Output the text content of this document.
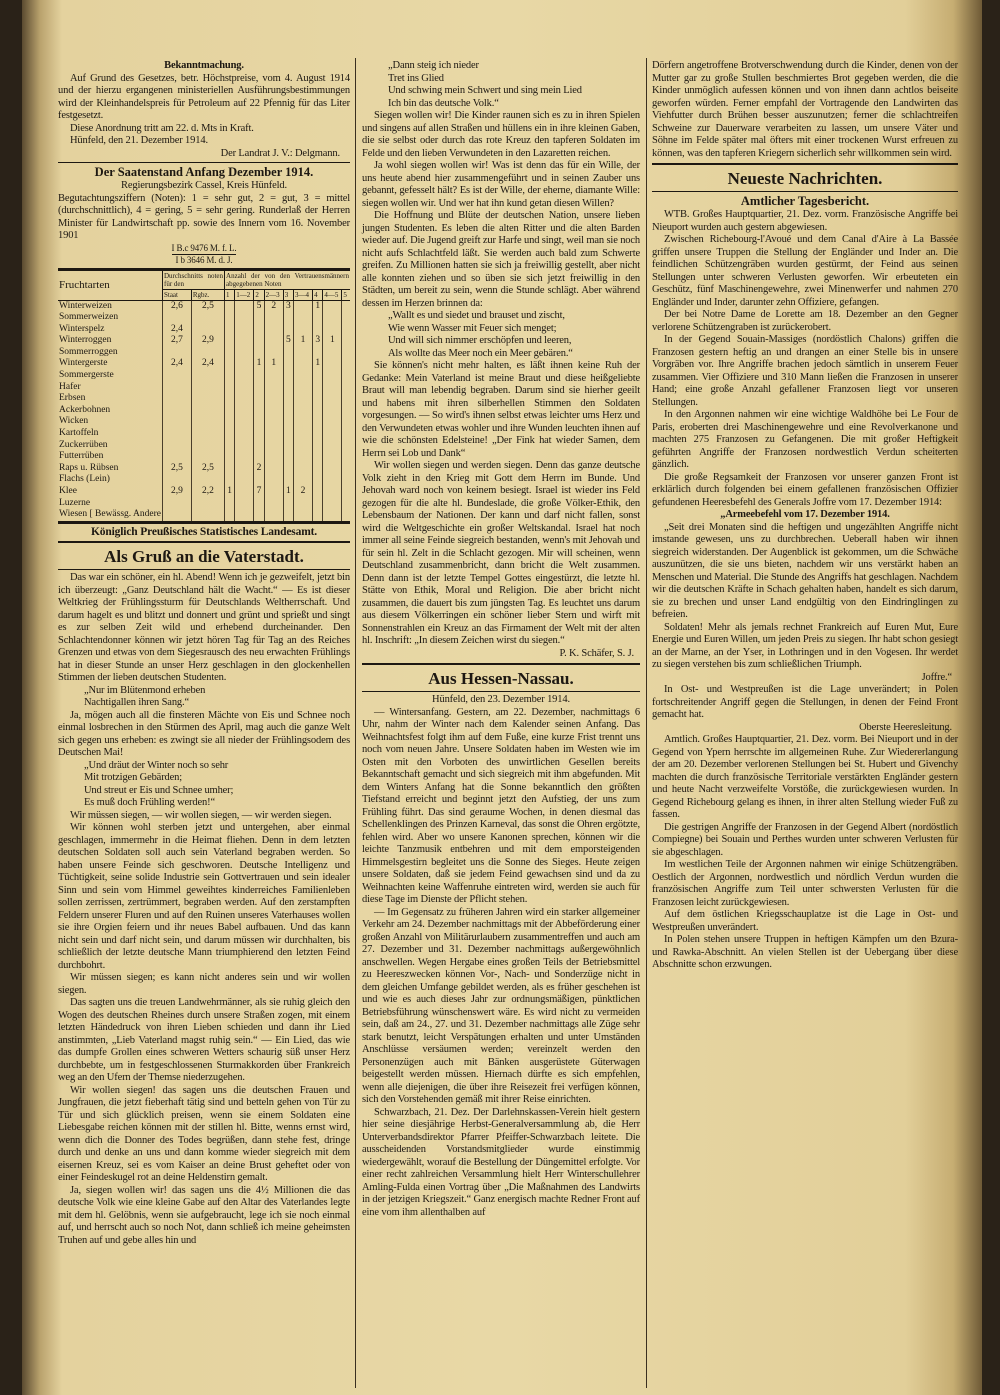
Bekanntmachung.

Auf Grund des Gesetzes, betr. Höchstpreise, vom 4. August 1914 und der hierzu ergangenen ministeriellen Ausführungsbestimmungen wird der Kleinhandelspreis für Petroleum auf 22 Pfennig für das Liter festgesetzt.

Diese Anordnung tritt am 22. d. Mts in Kraft.

Hünfeld, den 21. Dezember 1914.

Der Landrat J. V.: Delgmann.
Der Saatenstand Anfang Dezember 1914.
Regierungsbezirk Cassel, Kreis Hünfeld.
Begutachtungsziffern (Noten): 1 = sehr gut, 2 = gut, 3 = mittel (durchschnittlich), 4 = gering, 5 = sehr gering. Runderlaß der Herren Minister für Landwirtschaft pp. sowie des Innern vom 16. November 1901
I B.c 9476 M. f. L.
I b 3646 M. d. J.
Fruchtarten	Durchschnitts noten für den		Anzahl der von den Vertrauensmännern abgegebenen Noten								
	Staat	Rgbz.	1	1—2	2	2—3	3	3—4	4	4—5	5
Winterweizen	2,6	2,5			5	2	3		1		
Sommerweizen											
Winterspelz	2,4										
Winterroggen	2,7	2,9					5	1	3	1	
Sommerroggen											
Wintergerste	2,4	2,4			1	1			1		
Sommergerste											
Hafer											
Erbsen											
Ackerbohnen											
Wicken											
Kartoffeln											
Zuckerrüben											
Futterrüben											
Raps u. Rübsen	2,5	2,5			2						
Flachs (Lein)											
Klee	2,9	2,2	1		7		1	2			
Luzerne											
Wiesen [ Bewässg. Andere											
Königlich Preußisches Statistisches Landesamt.
Als Gruß an die Vaterstadt.

Das war ein schöner, ein hl. Abend! Wenn ich je gezweifelt, jetzt bin ich überzeugt: „Ganz Deutschland hält die Wacht.“ — Es ist dieser Weltkrieg der Frühlingssturm für Deutschlands Weltherrschaft. Und darum hagelt es und blitzt und donnert und grünt und sprießt und singt es zur selben Zeit wild und erhebend durcheinander. Den Schlachtendonner können wir jetzt hören Tag für Tag an des Reiches Grenzen und etwas von dem Siegesrausch des neu erwachten Frühlings hat in dieser Stunde an unser Herz geschlagen in den glockenhellen Stimmen der lieben deutschen Studenten.

„Nur im Blütenmond erheben
Nachtigallen ihren Sang.“

Ja, mögen auch all die finsteren Mächte von Eis und Schnee noch einmal losbrechen in den Stürmen des April, mag auch die ganze Welt sich gegen uns erheben: es zwingt sie all nieder der Frühlingsodem des Deutschen Mai!

„Und dräut der Winter noch so sehr
Mit trotzigen Gebärden;
Und streut er Eis und Schnee umher;
Es muß doch Frühling werden!“

Wir müssen siegen, — wir wollen siegen, — wir werden siegen.

Wir können wohl sterben jetzt und untergehen, aber einmal geschlagen, immermehr in die Heimat fliehen. Denn in dem letzten deutschen Soldaten soll auch sein Vaterland begraben werden. So haben unsere Feinde sich geschworen. Deutsche Intelligenz und Tüchtigkeit, seine solide Industrie sein Gottvertrauen und sein idealer Sinn und sein vom Himmel geweihtes kinderreiches Familienleben sollen zerrissen, zertrümmert, begraben werden. Auf den zerstampften Feldern unserer Fluren und auf den Ruinen unseres Vaterhauses wollen sie ihre Orgien feiern und ihr neues Babel aufbauen. Und das kann nicht sein und darf nicht sein, und darum müssen wir durchhalten, bis schließlich der letzte deutsche Mann triumphierend den letzten Feind durchbohrt.

Wir müssen siegen; es kann nicht anderes sein und wir wollen siegen.

Das sagten uns die treuen Landwehrmänner, als sie ruhig gleich den Wogen des deutschen Rheines durch unsere Straßen zogen, mit einem letzten Händedruck von ihren Lieben schieden und dann ihr Lied anstimmten, „Lieb Vaterland magst ruhig sein.“ — Ein Lied, das wie das dumpfe Grollen eines schweren Wetters schaurig süß unser Herz durchbebte, um in festgeschlossenen Sturmakkorden über Frankreich weg an den Ufern der Themse niederzugehen.

Wir wollen siegen! das sagen uns die deutschen Frauen und Jungfrauen, die jetzt fieberhaft tätig sind und betteln gehen von Tür zu Tür und sich glücklich preisen, wenn sie einem Soldaten eine Liebesgabe reichen können mit der stillen hl. Bitte, wenns ernst wird, wenn dich die Donner des Todes begrüßen, dann stehe fest, dringe durch und denke an uns und dann komme wieder siegreich mit dem eisernen Kreuz, sei es vom Kaiser an deine Brust geheftet oder von einer Feindeskugel rot an deine Heldenstirn gemalt.

Ja, siegen wollen wir! das sagen uns die 4½ Millionen die das deutsche Volk wie eine kleine Gabe auf den Altar des Vaterlandes legte mit dem hl. Gelöbnis, wenn sie aufgebraucht, lege ich sie noch einmal auf, und herrscht auch so noch Not, dann schließ ich meine geheimsten Truhen auf und gebe alles hin und

„Dann steig ich nieder
Tret ins Glied
Und schwing mein Schwert und sing mein Lied
Ich bin das deutsche Volk.“

Siegen wollen wir! Die Kinder raunen sich es zu in ihren Spielen und singens auf allen Straßen und hüllens ein in ihre kleinen Gaben, die sie selbst oder durch das rote Kreuz den tapferen Soldaten im Felde und den lieben Verwundeten in den Lazaretten reichen.

Ja wohl siegen wollen wir! Was ist denn das für ein Wille, der uns heute abend hier zusammengeführt und in seinen Zauber uns gebannt, gefesselt hält? Es ist der Wille, der eherne, diamante Wille: siegen wollen wir. Und wer hat ihn kund getan diesen Willen?

Die Hoffnung und Blüte der deutschen Nation, unsere lieben jungen Studenten. Es leben die alten Ritter und die alten Barden wieder auf. Die Jugend greift zur Harfe und singt, weil man sie noch nicht aufs Schlachtfeld läßt. Sie werden auch bald zum Schwerte greifen. Zu Millionen hatten sie sich ja freiwillig gestellt, aber nicht alle konnten ziehen und so üben sie sich jetzt freiwillig in den Städten, um bereit zu sein, wenn die Stunde schlägt. Aber während dessen im Herzen brinnen da:

„Wallt es und siedet und brauset und zischt,
Wie wenn Wasser mit Feuer sich menget;
Und will sich nimmer erschöpfen und leeren,
Als wollte das Meer noch ein Meer gebären.“

Sie können's nicht mehr halten, es läßt ihnen keine Ruh der Gedanke: Mein Vaterland ist meine Braut und diese heißgeliebte Braut will man lebendig begraben. Darum sind sie hierher geeilt und habens mit ihren silberhellen Stimmen den Soldaten vorgesungen. — So wird's ihnen selbst etwas leichter ums Herz und den Verwundeten etwas wohler und ihre Wunden leuchten ihnen auf wie die schönsten Edelsteine! „Der Fink hat wieder Samen, dem Herrn sei Lob und Dank“

Wir wollen siegen und werden siegen. Denn das ganze deutsche Volk zieht in den Krieg mit Gott dem Herrn im Bunde. Und Jehovah ward noch von keinem besiegt. Israel ist wieder ins Feld gezogen für die alte hl. Bundeslade, die große Völker-Ethik, den Lebensbaum der Nationen. Der kann und darf nicht fallen, sonst wird die Weltgeschichte ein großer Weltskandal. Israel hat noch immer all seine Feinde siegreich bestanden, wenn's mit Jehovah und für sein hl. Zelt in die Schlacht gezogen. Mir will scheinen, wenn Deutschland zusammenbricht, dann bricht die Welt zusammen. Denn dann ist der letzte Tempel Gottes eingestürzt, die letzte hl. Stätte von Ethik, Moral und Religion. Die aber bricht nicht zusammen, die dauert bis zum jüngsten Tag. Es leuchtet uns darum aus diesem Völkerringen ein schöner lieber Stern und wirft mit Sonnenstrahlen ein Kreuz an das Firmament der Welt mit der alten hl. Inschrift: „In diesem Zeichen wirst du siegen.“

P. K. Schäfer, S. J.
Aus Hessen-Nassau.
Hünfeld, den 23. Dezember 1914.

— Wintersanfang. Gestern, am 22. Dezember, nachmittags 6 Uhr, nahm der Winter nach dem Kalender seinen Anfang. Das Weihnachtsfest folgt ihm auf dem Fuße, eine kurze Frist trennt uns noch vom neuen Jahre. Unsere Soldaten haben im Westen wie im Osten mit den Vorboten des unwirtlichen Gesellen bereits Bekanntschaft gemacht und sich siegreich mit ihm abgefunden. Mit dem Winters Anfang hat die Sonne bekanntlich den größten Tiefstand erreicht und beginnt jetzt den Aufstieg, der uns zum Frühling führt. Das sind geraume Wochen, in denen diesmal das Schellenklingen des Prinzen Karneval, das sonst die Ohren ergötzte, fehlen wird. Aber wo unsere Kanonen sprechen, können wir die leichte Tanzmusik entbehren und mit dem emporsteigenden Himmelsgestirn begleitet uns die Sonne des Sieges. Heute zeigen unsere Soldaten, daß sie jedem Feind gewachsen sind und da zu Weihnachten keine Waffenruhe eintreten wird, werden sie auch für diese Tage im Dienste der Pflicht stehen.

— Im Gegensatz zu früheren Jahren wird ein starker allgemeiner Verkehr am 24. Dezember nachmittags mit der Abbeförderung einer großen Anzahl von Militärurlaubern zusammentreffen und auch am 27. Dezember und 31. Dezember nachmittags außergewöhnlich anschwellen. Wegen Hergabe eines großen Teils der Betriebsmittel zu Heereszwecken können Vor-, Nach- und Sonderzüge nicht in dem gleichen Umfange gebildet werden, als es früher geschehen ist und wie es auch dieses Jahr zur ordnungsmäßigen, pünktlichen Betriebsführung wünschenswert wäre. Es wird nicht zu vermeiden sein, daß am 24., 27. und 31. Dezember nachmittags alle Züge sehr stark benutzt, leicht Verspätungen erhalten und unter Umständen Anschlüsse versäumen werden; vereinzelt werden den Personenzügen auch mit Bänken ausgerüstete Güterwagen beigestellt werden müssen. Hiernach dürfte es sich empfehlen, wenn alle diejenigen, die über ihre Reisezeit frei verfügen können, sich den Vorstehenden gemäß mit ihrer Reise einrichten.

Schwarzbach, 21. Dez. Der Darlehnskassen-Verein hielt gestern hier seine diesjährige Herbst-Generalversammlung ab, die Herr Unterverbandsdirektor Pfarrer Pfeiffer-Schwarzbach leitete. Die ausscheidenden Vorstandsmitglieder wurde einstimmig wiedergewählt, worauf die Bestellung der Düngemittel erfolgte. Vor einer recht zahlreichen Versammlung hielt Herr Winterschullehrer Amling-Fulda einen Vortrag über „Die Maßnahmen des Landwirts in der jetzigen Kriegszeit.“ Ganz energisch machte Redner Front auf eine vom ihm allenthalben auf

Dörfern angetroffene Brotverschwendung durch die Kinder, denen von der Mutter gar zu große Stullen beschmiertes Brot gegeben werden, die die Kinder unmöglich aufessen können und von ihnen dann achtlos beiseite geworfen würden. Ferner empfahl der Vortragende den Landwirten das Viehfutter durch Brühen besser auszunutzen; ferner die schlachtreifen Schweine zur Dauerware verarbeiten zu lassen, um unsere Väter und Söhne im Felde später mal öfters mit einer trockenen Wurst erfreuen zu können, was den tapferen Kriegern sicherlich sehr willkommen sein wird.

Neueste Nachrichten.
Amtlicher Tagesbericht.

WTB. Großes Hauptquartier, 21. Dez. vorm. Französische Angriffe bei Nieuport wurden auch gestern abgewiesen.

Zwischen Richebourg-l'Avoué und dem Canal d'Aire à La Bassée griffen unsere Truppen die Stellung der Engländer und Inder an. Die feindlichen Schützengräben wurden gestürmt, der Feind aus seinen Stellungen unter schweren Verlusten geworfen. Wir erbeuteten ein Geschütz, fünf Maschinengewehre, zwei Minenwerfer und nahmen 270 Engländer und Inder, darunter zehn Offiziere, gefangen.

Der bei Notre Dame de Lorette am 18. Dezember an den Gegner verlorene Schützengraben ist zurückerobert.

In der Gegend Souain-Massiges (nordöstlich Chalons) griffen die Franzosen gestern heftig an und drangen an einer Stelle bis in unsere Vorgräben vor. Ihre Angriffe brachen jedoch sämtlich in unserem Feuer zusammen. Vier Offiziere und 310 Mann ließen die Franzosen in unserer Hand; eine große Anzahl gefallener Franzosen liegt vor unseren Stellungen.

In den Argonnen nahmen wir eine wichtige Waldhöhe bei Le Four de Paris, eroberten drei Maschinengewehre und eine Revolverkanone und machten 275 Franzosen zu Gefangenen. Die mit großer Heftigkeit geführten Angriffe der Franzosen nordwestlich Verdun scheiterten gänzlich.

Die große Regsamkeit der Franzosen vor unserer ganzen Front ist erklärlich durch folgenden bei einem gefallenen französischen Offizier gefundenen Heeresbefehl des Generals Joffre vom 17. Dezember 1914:

„Armeebefehl vom 17. Dezember 1914.

„Seit drei Monaten sind die heftigen und ungezählten Angriffe nicht imstande gewesen, uns zu durchbrechen. Ueberall haben wir ihnen siegreich widerstanden. Der Augenblick ist gekommen, um die Schwäche auszunützen, die sie uns bieten, nachdem wir uns verstärkt haben an Menschen und Material. Die Stunde des Angriffs hat geschlagen. Nachdem wir die deutschen Kräfte in Schach gehalten haben, handelt es sich darum, sie zu brechen und unser Land endgültig von den Eindringlingen zu befreien.

Soldaten! Mehr als jemals rechnet Frankreich auf Euren Mut, Eure Energie und Euren Willen, um jeden Preis zu siegen. Ihr habt schon gesiegt an der Marne, an der Yser, in Lothringen und in den Vogesen. Ihr werdet zu siegen verstehen bis zum schließlichen Triumph.

Joffre.“

In Ost- und Westpreußen ist die Lage unverändert; in Polen fortschreitender Angriff gegen die Stellungen, in denen der Feind Front gemacht hat.

Oberste Heeresleitung.

Amtlich. Großes Hauptquartier, 21. Dez. vorm. Bei Nieuport und in der Gegend von Ypern herrschte im allgemeinen Ruhe. Zur Wiedererlangung der am 20. Dezember verlorenen Stellungen bei St. Hubert und Givenchy machten die durch französische Territoriale verstärkten Engländer gestern und heute Nacht verzweifelte Vorstöße, die zurückgewiesen wurden. In Gegend Richebourg gelang es ihnen, in ihrer alten Stellung wieder Fuß zu fassen.

Die gestrigen Angriffe der Franzosen in der Gegend Albert (nordöstlich Compiegne) bei Souain und Perthes wurden unter schweren Verlusten für sie abgeschlagen.

Im westlichen Teile der Argonnen nahmen wir einige Schützengräben. Oestlich der Argonnen, nordwestlich und nördlich Verdun wurden die französischen Angriffe zum Teil unter schwersten Verlusten für die Franzosen leicht zurückgewiesen.

Auf dem östlichen Kriegsschauplatze ist die Lage in Ost- und Westpreußen unverändert.

In Polen stehen unsere Truppen in heftigen Kämpfen um den Bzura- und Rawka-Abschnitt. An vielen Stellen ist der Uebergang über diese Abschnitte schon erzwungen.
